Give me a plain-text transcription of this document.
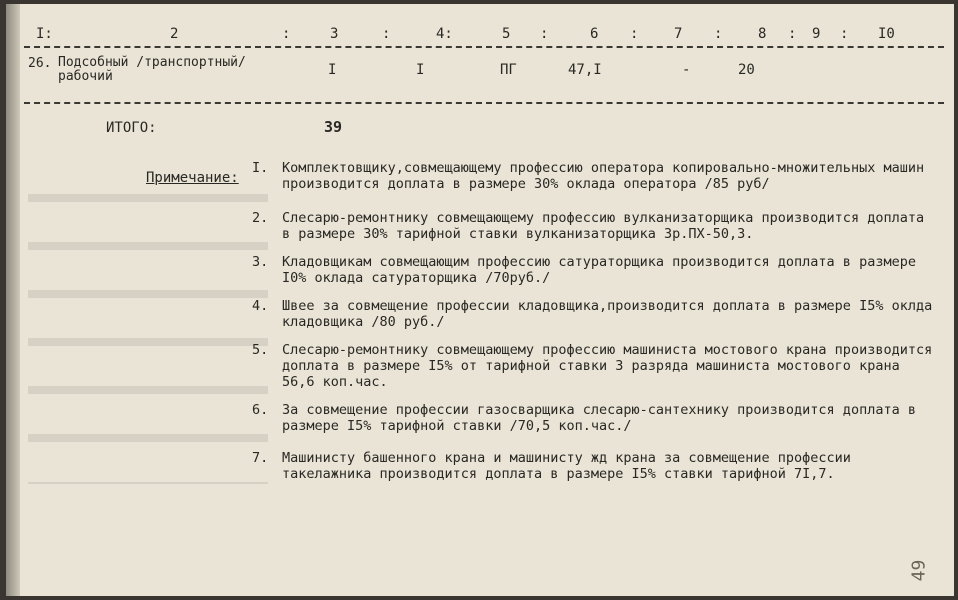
I:	2	:	3	:	4:	5 :	6 :	7 :	8 : 9 : I0
26. Подсобный /транспортный/ рабочий	I	I	ПГ	47,I	-	20
ИТОГО:	39
Примечание:
I. Комплектовщику,совмещающему профессию оператора копировально-множительных машин производится доплата в размере 30% оклада оператора /85 руб/
2. Слесарю-ремонтнику совмещающему профессию вулканизаторщика производится доплата в размере 30% тарифной ставки вулканизаторщика 3р.ПХ-50,3.
3. Кладовщикам совмещающим профессию сатураторщика производится доплата в размере I0% оклада сатураторщика /70руб./
4. Швее за совмещение профессии кладовщика,производится доплата в размере I5% оклда кладовщика /80 руб./
5. Слесарю-ремонтнику совмещающему профессию машиниста мостового крана производится доплата в размере I5% от тарифной ставки 3 разряда машиниста мостового крана 56,6 коп.час.
6. За совмещение профессии газосварщика слесарю-сантехнику производится доплата в размере I5% тарифной ставки /70,5 коп.час./
7. Машинисту башенного крана и машинисту жд крана за совмещение профессии такелажника производится доплата в размере I5% ставки тарифной 7I,7.
49
